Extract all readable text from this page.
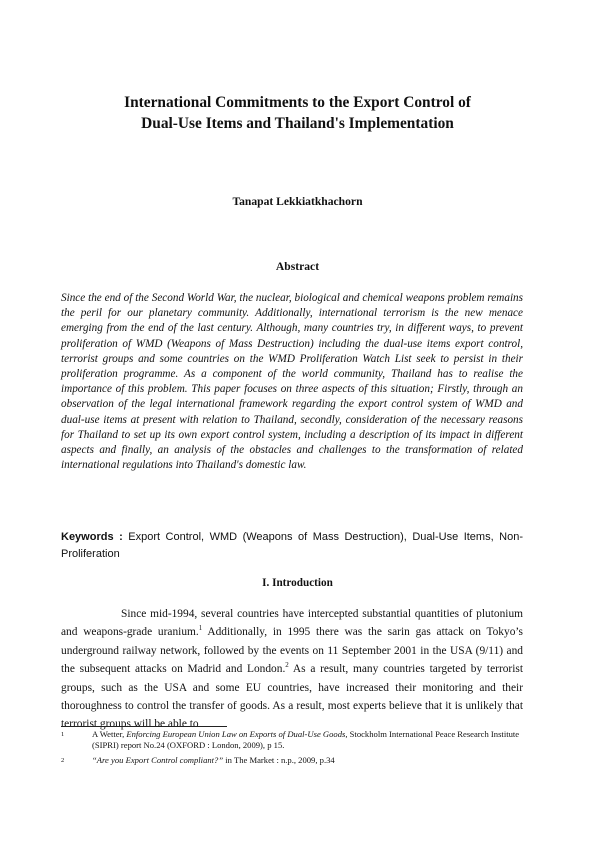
International Commitments to the Export Control of
Dual-Use Items and Thailand's Implementation
Tanapat Lekkiatkhachorn
Abstract

Since the end of the Second World War, the nuclear, biological and chemical weapons problem remains the peril for our planetary community. Additionally, international terrorism is the new menace emerging from the end of the last century. Although, many countries try, in different ways, to prevent proliferation of WMD (Weapons of Mass Destruction) including the dual-use items export control, terrorist groups and some countries on the WMD Proliferation Watch List seek to persist in their proliferation programme. As a component of the world community, Thailand has to realise the importance of this problem. This paper focuses on three aspects of this situation; Firstly, through an observation of the legal international framework regarding the export control system of WMD and dual-use items at present with relation to Thailand, secondly, consideration of the necessary reasons for Thailand to set up its own export control system, including a description of its impact in different aspects and finally, an analysis of the obstacles and challenges to the transformation of related international regulations into Thailand's domestic law.

Keywords : Export Control, WMD (Weapons of Mass Destruction), Dual-Use Items, Non-Proliferation

I. Introduction

Since mid-1994, several countries have intercepted substantial quantities of plutonium and weapons-grade uranium.$^1$ Additionally, in 1995 there was the sarin gas attack on Tokyo’s underground railway network, followed by the events on 11 September 2001 in the USA (9/11) and the subsequent attacks on Madrid and London.$^2$ As a result, many countries targeted by terrorist groups, such as the USA and some EU countries, have increased their monitoring and their thoroughness to control the transfer of goods. As a result, most experts believe that it is unlikely that terrorist groups will be able to

1	A Wetter, Enforcing European Union Law on Exports of Dual-Use Goods, Stockholm International Peace Research Institute (SIPRI) report No.24 (OXFORD : London, 2009), p 15.
2	“Are you Export Control compliant?” in The Market : n.p., 2009, p.34
